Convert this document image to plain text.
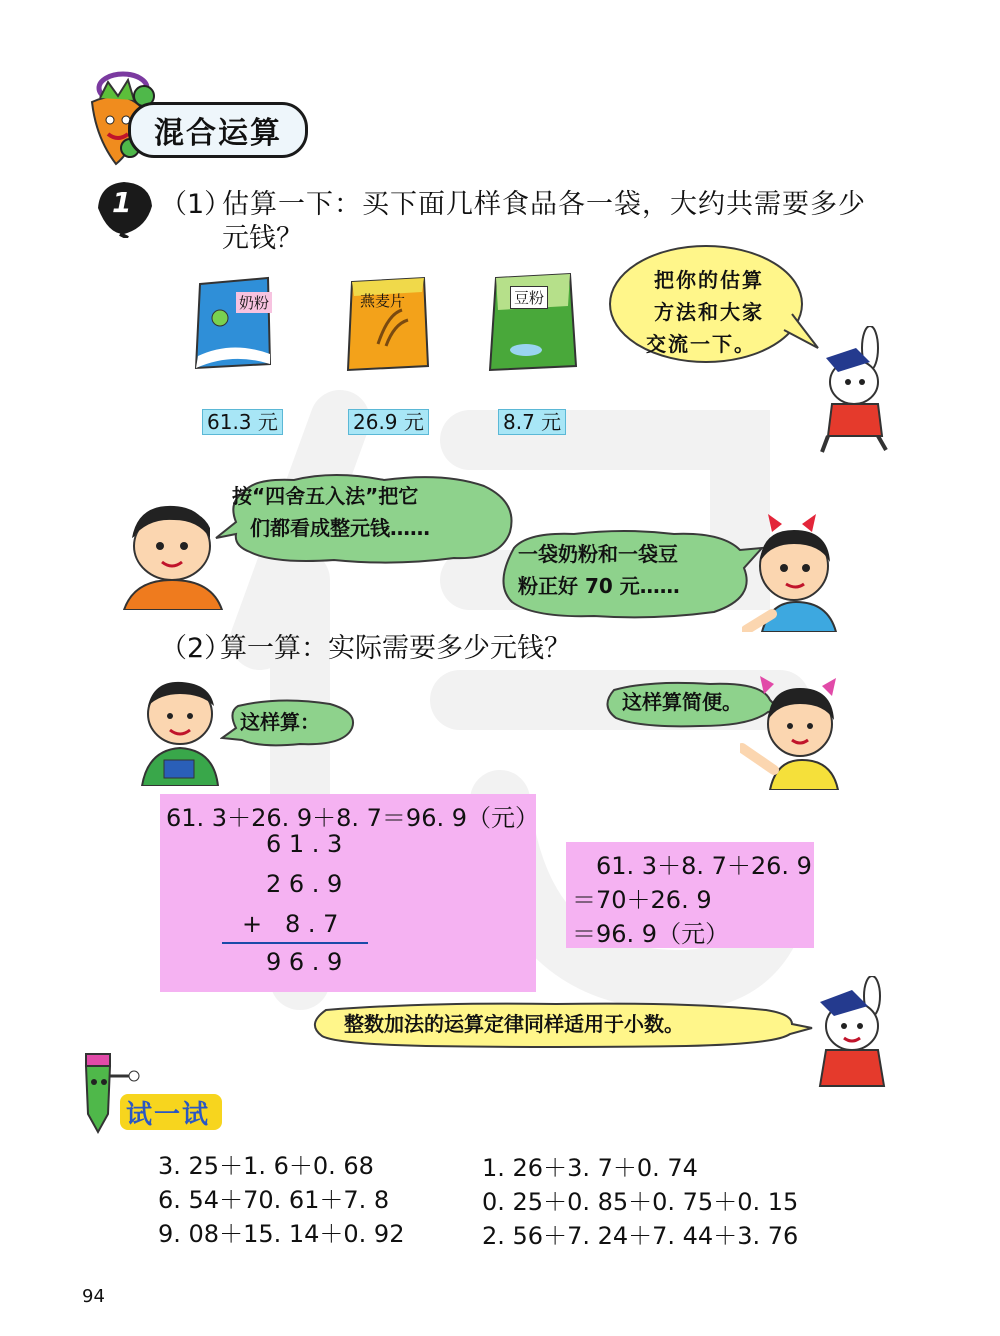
混合运算
1 （1）
估算一下：买下面几样食品各一袋，大约共需要多少
元钱？
奶粉	燕麦片	豆粉
61.3 元	26.9 元	8.7 元
把你的估算
方法和大家
交流一下。
按“四舍五入法”把它
们都看成整元钱……
一袋奶粉和一袋豆
粉正好 70 元……
（2）
算一算：实际需要多少元钱？
这样算：
这样算简便。
61. 3＋26. 9＋8. 7＝96. 9（元）
6 1 . 3
2 6 . 9
+   8 . 7
9 6 . 9
61. 3＋8. 7＋26. 9
＝70＋26. 9
＝96. 9（元）
整数加法的运算定律同样适用于小数。
试一试
3. 25＋1. 6＋0. 68
6. 54＋70. 61＋7. 8
9. 08＋15. 14＋0. 92
1. 26＋3. 7＋0. 74
0. 25＋0. 85＋0. 75＋0. 15
2. 56＋7. 24＋7. 44＋3. 76
94
